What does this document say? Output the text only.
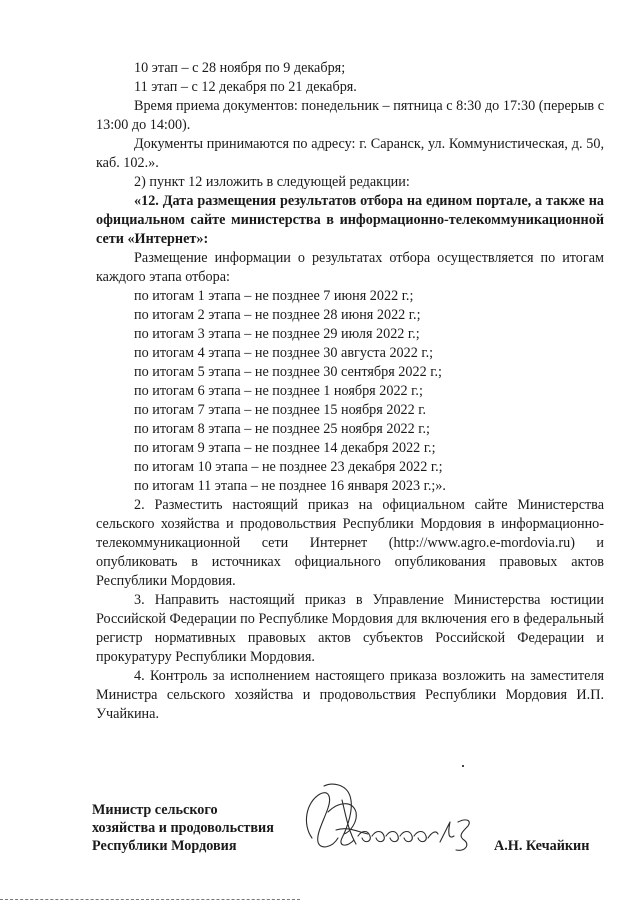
10 этап – с 28 ноября по 9 декабря;
11 этап – с 12 декабря по 21 декабря.

Время приема документов: понедельник – пятница с 8:30 до 17:30 (перерыв с 13:00 до 14:00).

Документы принимаются по адресу: г. Саранск, ул. Коммунистическая, д. 50, каб. 102.».

2) пункт 12 изложить в следующей редакции:

«12. Дата размещения результатов отбора на едином портале, а также на официальном сайте министерства в информационно-телекоммуникационной сети «Интернет»:

Размещение информации о результатах отбора осуществляется по итогам каждого этапа отбора:

по итогам 1 этапа – не позднее 7 июня 2022 г.;
по итогам 2 этапа – не позднее 28 июня 2022 г.;
по итогам 3 этапа – не позднее 29 июля 2022 г.;
по итогам 4 этапа – не позднее 30 августа 2022 г.;
по итогам 5 этапа – не позднее 30 сентября 2022 г.;
по итогам 6 этапа – не позднее 1 ноября 2022 г.;
по итогам 7 этапа – не позднее 15 ноября 2022 г.
по итогам 8 этапа – не позднее 25 ноября 2022 г.;
по итогам 9 этапа – не позднее 14 декабря 2022 г.;
по итогам 10 этапа – не позднее 23 декабря 2022 г.;
по итогам 11 этапа – не позднее 16 января 2023 г.;».

2. Разместить настоящий приказ на официальном сайте Министерства сельского хозяйства и продовольствия Республики Мордовия в информационно-телекоммуникационной сети Интернет (http://www.agro.e-mordovia.ru) и опубликовать в источниках официального опубликования правовых актов Республики Мордовия.

3. Направить настоящий приказ в Управление Министерства юстиции Российской Федерации по Республике Мордовия для включения его в федеральный регистр нормативных правовых актов субъектов Российской Федерации и прокуратуру Республики Мордовия.

4. Контроль за исполнением настоящего приказа возложить на заместителя Министра сельского хозяйства и продовольствия Республики Мордовия И.П. Учайкина.

Министр сельского
хозяйства и продовольствия
Республики Мордовия	А.Н. Кечайкин
